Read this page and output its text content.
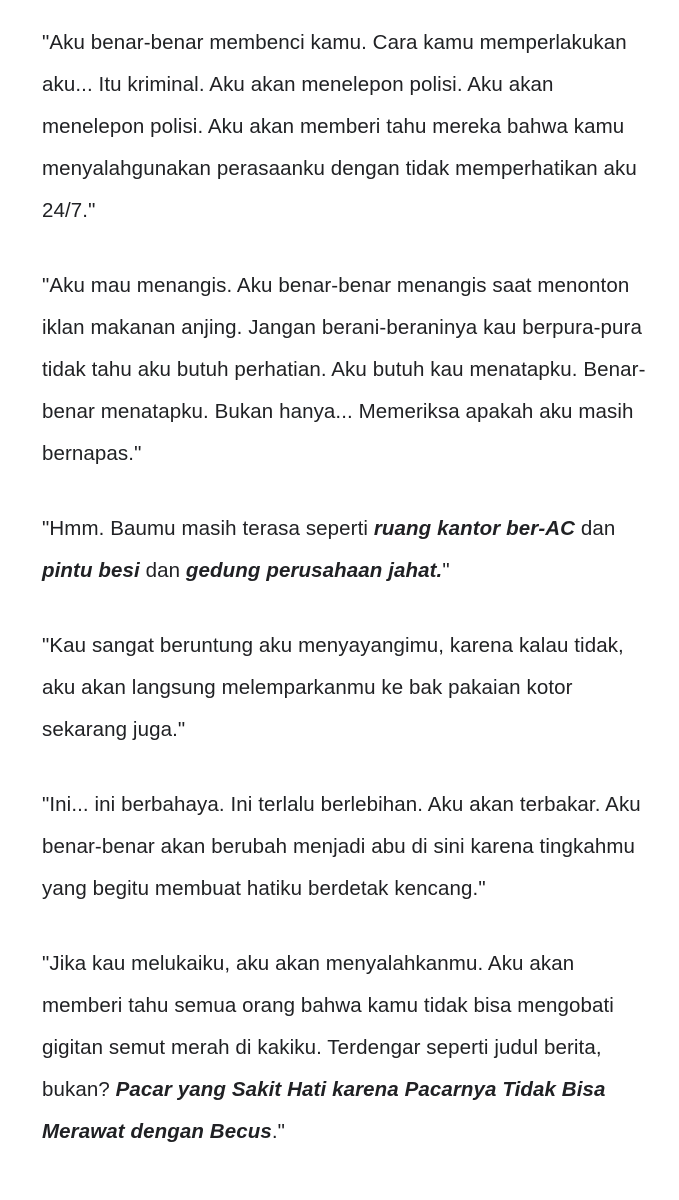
"Aku benar-benar membenci kamu. Cara kamu memperlakukan aku... Itu kriminal. Aku akan menelepon polisi. Aku akan menelepon polisi. Aku akan memberi tahu mereka bahwa kamu menyalahgunakan perasaanku dengan tidak memperhatikan aku 24/7."

"Aku mau menangis. Aku benar-benar menangis saat menonton iklan makanan anjing. Jangan berani-beraninya kau berpura-pura tidak tahu aku butuh perhatian. Aku butuh kau menatapku. Benar-benar menatapku. Bukan hanya... Memeriksa apakah aku masih bernapas."

"Hmm. Baumu masih terasa seperti ruang kantor ber-AC dan pintu besi dan gedung perusahaan jahat."

"Kau sangat beruntung aku menyayangimu, karena kalau tidak, aku akan langsung melemparkanmu ke bak pakaian kotor sekarang juga."

"Ini... ini berbahaya. Ini terlalu berlebihan. Aku akan terbakar. Aku benar-benar akan berubah menjadi abu di sini karena tingkahmu yang begitu membuat hatiku berdetak kencang."

"Jika kau melukaiku, aku akan menyalahkanmu. Aku akan memberi tahu semua orang bahwa kamu tidak bisa mengobati gigitan semut merah di kakiku. Terdengar seperti judul berita, bukan? Pacar yang Sakit Hati karena Pacarnya Tidak Bisa Merawat dengan Becus."
